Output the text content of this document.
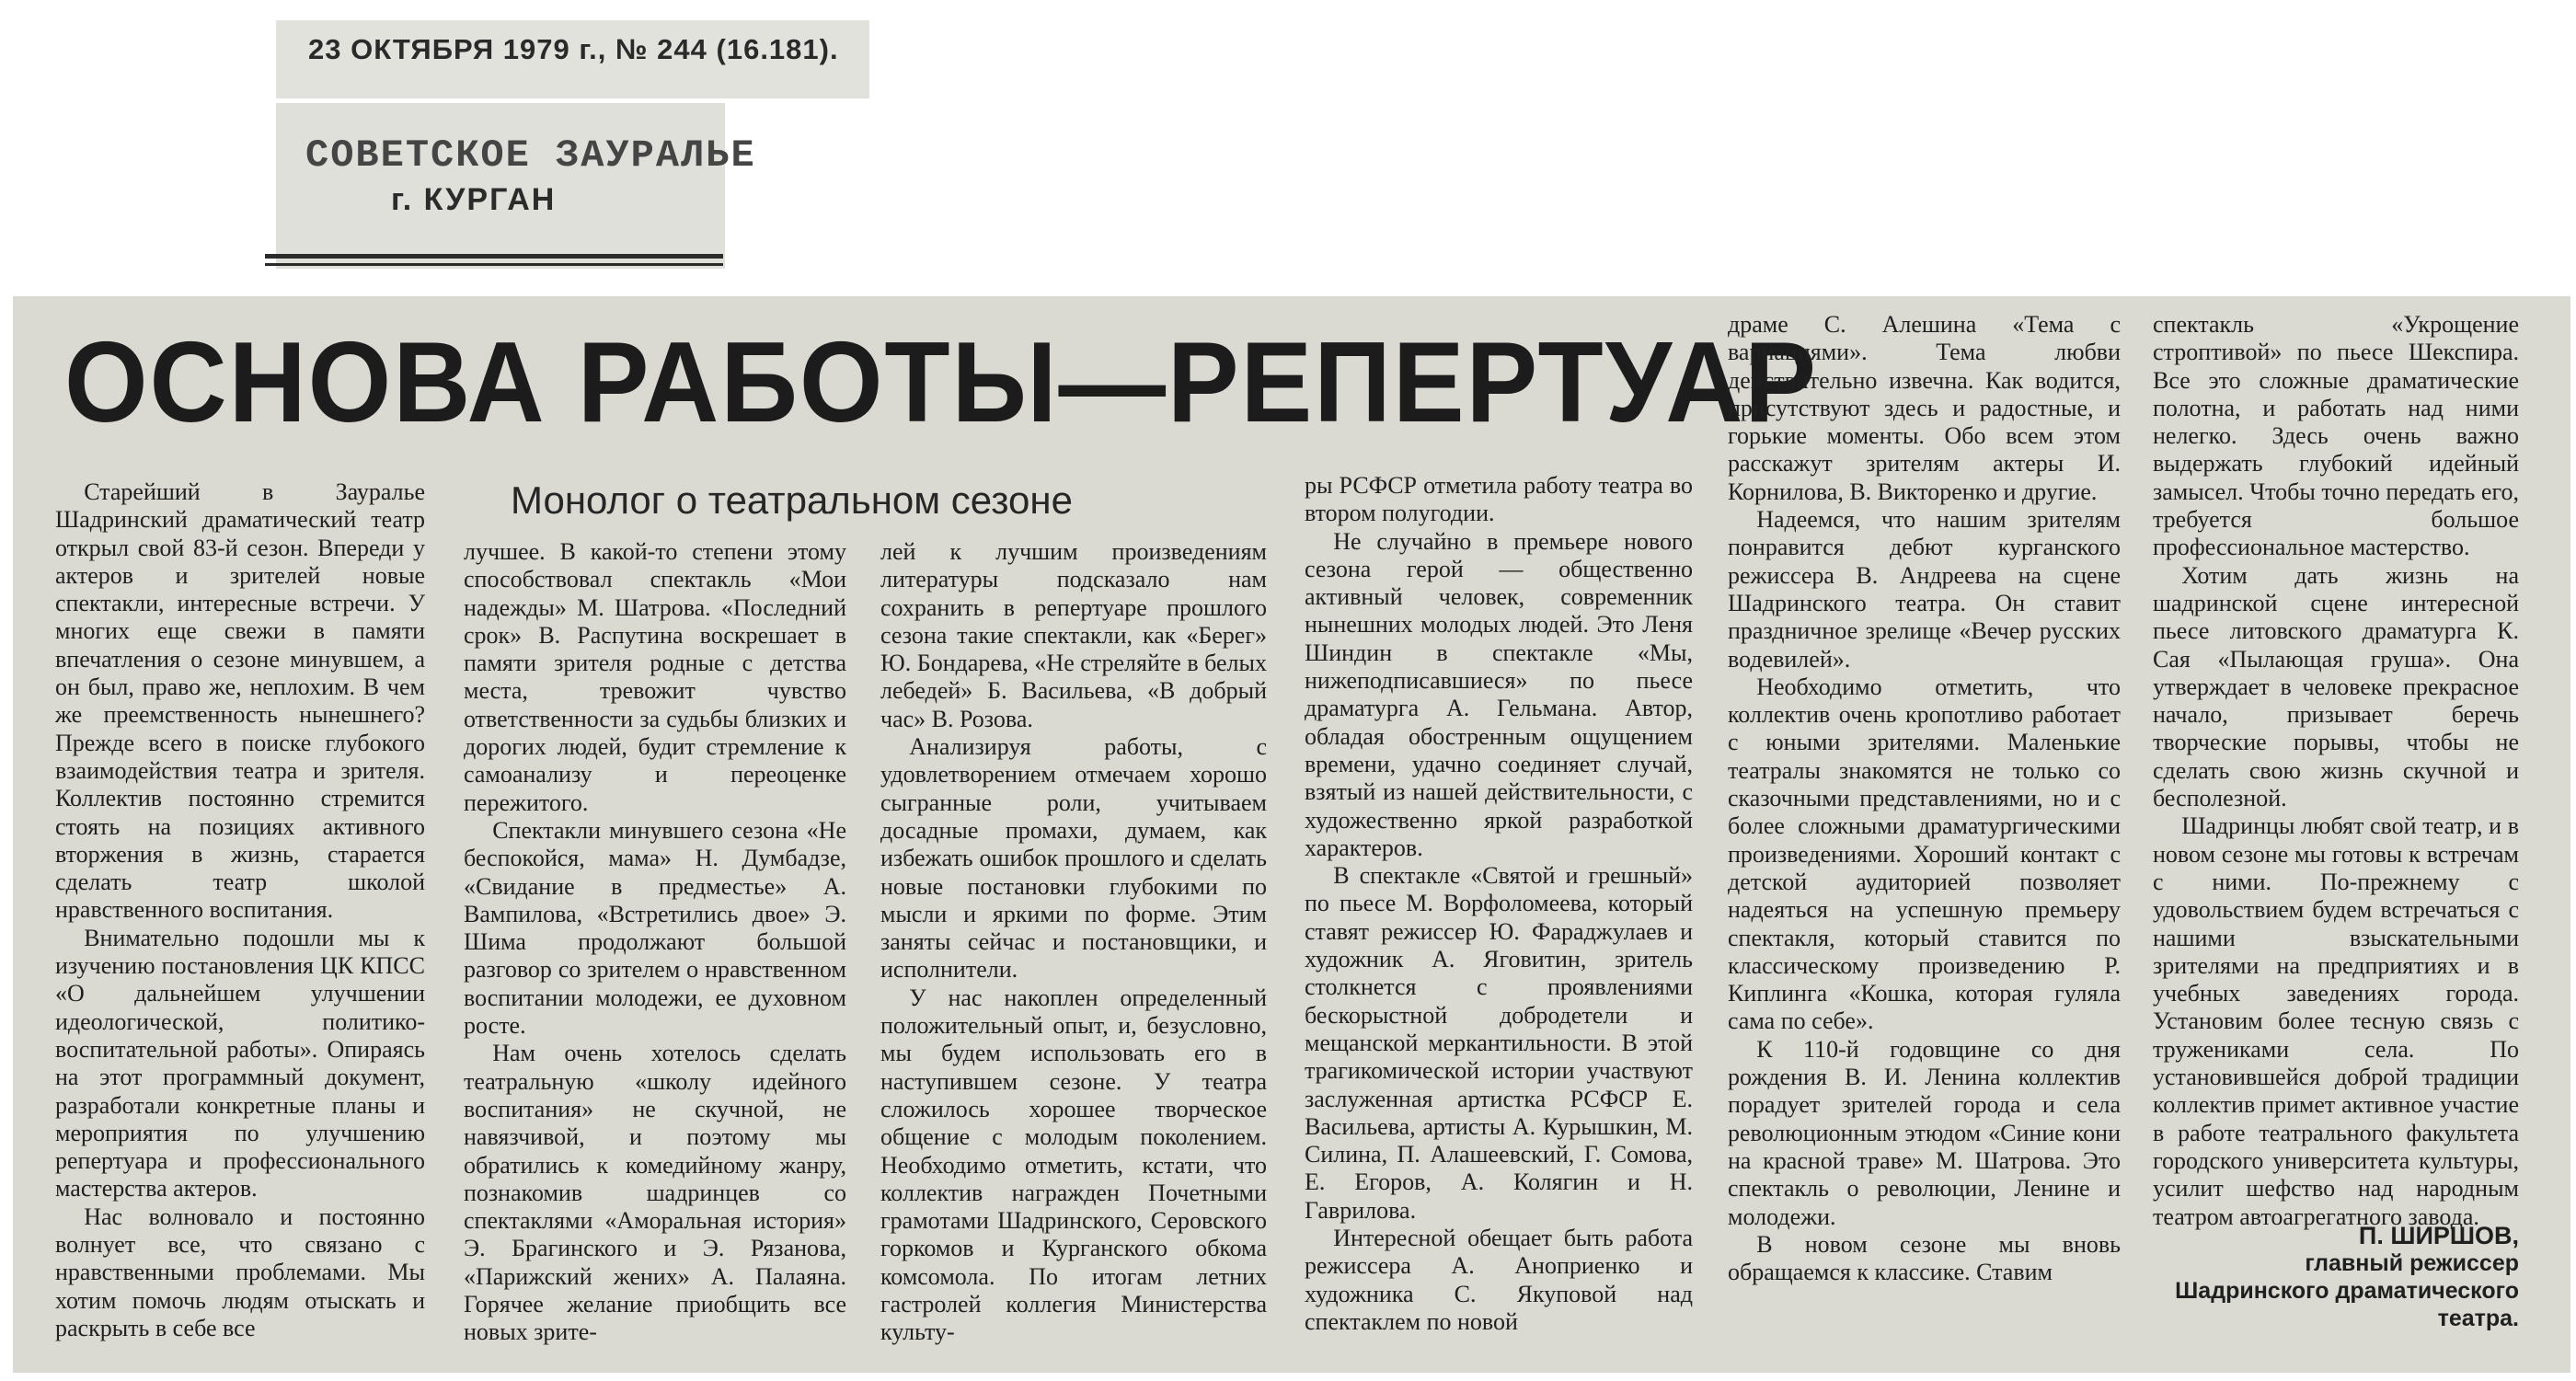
23 ОКТЯБРЯ 1979 г., № 244 (16.181).
СОВЕТСКОЕ ЗАУРАЛЬЕ
г. КУРГАН
ОСНОВА РАБОТЫ—РЕПЕРТУАР
Монолог о театральном сезоне

Старейший в Зауралье Шадринский драматический театр открыл свой 83-й сезон. Впереди у актеров и зрителей новые спектакли, интересные встречи. У многих еще свежи в памяти впечатления о сезоне минувшем, а он был, право же, неплохим. В чем же преемственность нынешнего? Прежде всего в поиске глубокого взаимодействия театра и зрителя. Коллектив постоянно стремится стоять на позициях активного вторжения в жизнь, старается сделать театр школой нравственного воспитания.

Внимательно подошли мы к изучению постановления ЦК КПСС «О дальнейшем улучшении идеологической, политико-воспитательной работы». Опираясь на этот программный документ, разработали конкретные планы и мероприятия по улучшению репертуара и профессионального мастерства актеров.

Нас волновало и постоянно волнует все, что связано с нравственными проблемами. Мы хотим помочь людям отыскать и раскрыть в себе все

лучшее. В какой-то степени этому способствовал спектакль «Мои надежды» М. Шатрова. «Последний срок» В. Распутина воскрешает в памяти зрителя родные с детства места, тревожит чувство ответственности за судьбы близких и дорогих людей, будит стремление к самоанализу и переоценке пережитого.

Спектакли минувшего сезона «Не беспокойся, мама» Н. Думбадзе, «Свидание в предместье» А. Вампилова, «Встретились двое» Э. Шима продолжают большой разговор со зрителем о нравственном воспитании молодежи, ее духовном росте.

Нам очень хотелось сделать театральную «школу идейного воспитания» не скучной, не навязчивой, и поэтому мы обратились к комедийному жанру, познакомив шадринцев со спектаклями «Аморальная история» Э. Брагинского и Э. Рязанова, «Парижский жених» А. Палаяна. Горячее желание приобщить все новых зрите-

лей к лучшим произведениям литературы подсказало нам сохранить в репертуаре прошлого сезона такие спектакли, как «Берег» Ю. Бондарева, «Не стреляйте в белых лебедей» Б. Васильева, «В добрый час» В. Розова.

Анализируя работы, с удовлетворением отмечаем хорошо сыгранные роли, учитываем досадные промахи, думаем, как избежать ошибок прошлого и сделать новые постановки глубокими по мысли и яркими по форме. Этим заняты сейчас и постановщики, и исполнители.

У нас накоплен определенный положительный опыт, и, безусловно, мы будем использовать его в наступившем сезоне. У театра сложилось хорошее творческое общение с молодым поколением. Необходимо отметить, кстати, что коллектив награжден Почетными грамотами Шадринского, Серовского горкомов и Курганского обкома комсомола. По итогам летних гастролей коллегия Министерства культу-

ры РСФСР отметила работу театра во втором полугодии.

Не случайно в премьере нового сезона герой — общественно активный человек, современник нынешних молодых людей. Это Леня Шиндин в спектакле «Мы, нижеподписавшиеся» по пьесе драматурга А. Гельмана. Автор, обладая обостренным ощущением времени, удачно соединяет случай, взятый из нашей действительности, с художественно яркой разработкой характеров.

В спектакле «Святой и грешный» по пьесе М. Ворфоломеева, который ставят режиссер Ю. Фараджулаев и художник А. Яговитин, зритель столкнется с проявлениями бескорыстной добродетели и мещанской меркантильности. В этой трагикомической истории участвуют заслуженная артистка РСФСР Е. Васильева, артисты А. Курышкин, М. Силина, П. Алашеевский, Г. Сомова, Е. Егоров, А. Колягин и Н. Гаврилова.

Интересной обещает быть работа режиссера А. Аноприенко и художника С. Якуповой над спектаклем по новой

драме С. Алешина «Тема с вариациями». Тема любви действительно извечна. Как водится, присутствуют здесь и радостные, и горькие моменты. Обо всем этом расскажут зрителям актеры И. Корнилова, В. Викторенко и другие.

Надеемся, что нашим зрителям понравится дебют курганского режиссера В. Андреева на сцене Шадринского театра. Он ставит праздничное зрелище «Вечер русских водевилей».

Необходимо отметить, что коллектив очень кропотливо работает с юными зрителями. Маленькие театралы знакомятся не только со сказочными представлениями, но и с более сложными драматургическими произведениями. Хороший контакт с детской аудиторией позволяет надеяться на успешную премьеру спектакля, который ставится по классическому произведению Р. Киплинга «Кошка, которая гуляла сама по себе».

К 110-й годовщине со дня рождения В. И. Ленина коллектив порадует зрителей города и села революционным этюдом «Синие кони на красной траве» М. Шатрова. Это спектакль о революции, Ленине и молодежи.

В новом сезоне мы вновь обращаемся к классике. Ставим

спектакль «Укрощение строптивой» по пьесе Шекспира. Все это сложные драматические полотна, и работать над ними нелегко. Здесь очень важно выдержать глубокий идейный замысел. Чтобы точно передать его, требуется большое профессиональное мастерство.

Хотим дать жизнь на шадринской сцене интересной пьесе литовского драматурга К. Сая «Пылающая груша». Она утверждает в человеке прекрасное начало, призывает беречь творческие порывы, чтобы не сделать свою жизнь скучной и бесполезной.

Шадринцы любят свой театр, и в новом сезоне мы готовы к встречам с ними. По-прежнему с удовольствием будем встречаться с нашими взыскательными зрителями на предприятиях и в учебных заведениях города. Установим более тесную связь с тружениками села. По установившейся доброй традиции коллектив примет активное участие в работе театрального факультета городского университета культуры, усилит шефство над народным театром автоагрегатного завода.

П. ШИРШОВ,
главный режиссер Шадринского драматического театра.
